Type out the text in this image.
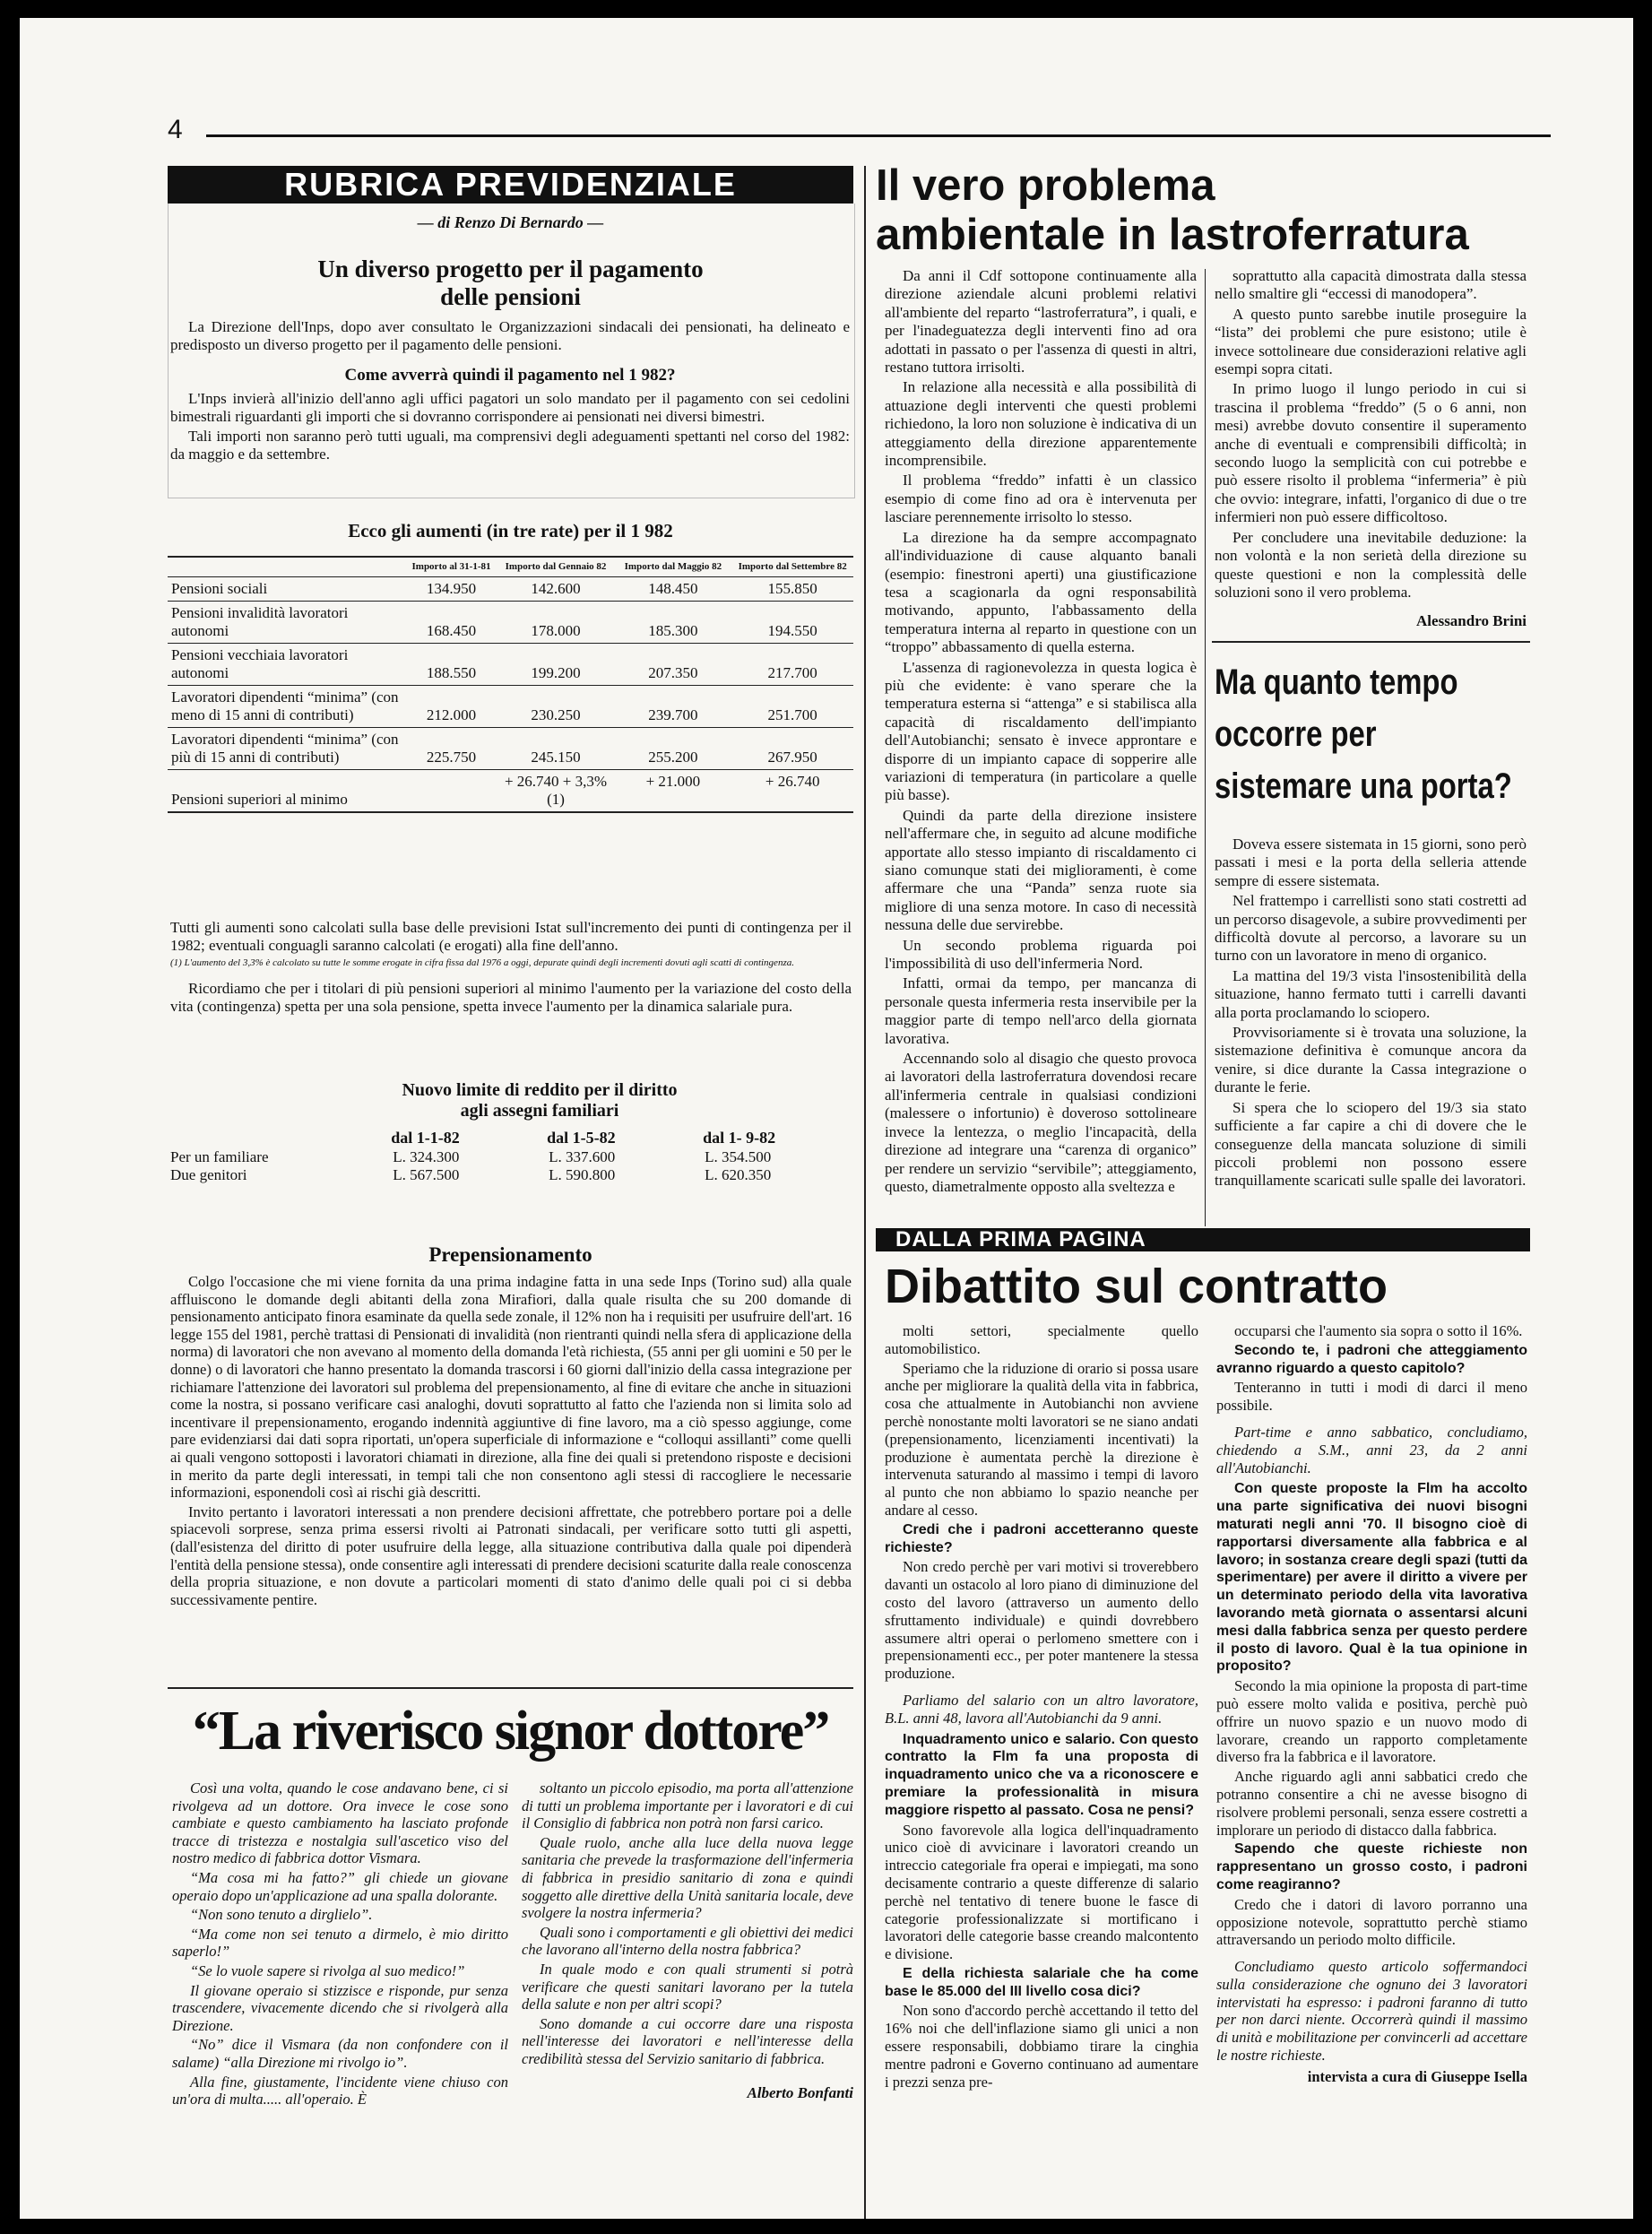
4
RUBRICA PREVIDENZIALE
— di Renzo Di Bernardo —
Un diverso progetto per il pagamento
delle pensioni

La Direzione dell'Inps, dopo aver consultato le Organizzazioni sindacali dei pensionati, ha delineato e predisposto un diverso progetto per il pagamento delle pensioni.

Come avverrà quindi il pagamento nel 1 982?

L'Inps invierà all'inizio dell'anno agli uffici pagatori un solo mandato per il pagamento con sei cedolini bimestrali riguardanti gli importi che si dovranno corrispondere ai pensionati nei diversi bimestri.

Tali importi non saranno però tutti uguali, ma comprensivi degli adeguamenti spettanti nel corso del 1982: da maggio e da settembre.

Ecco gli aumenti (in tre rate) per il 1 982
	Importo al 31-1-81	Importo dal Gennaio 82	Importo dal Maggio 82	Importo dal Settembre 82
Pensioni sociali	134.950	142.600	148.450	155.850
Pensioni invalidità lavoratori autonomi	168.450	178.000	185.300	194.550
Pensioni vecchiaia lavoratori autonomi	188.550	199.200	207.350	217.700
Lavoratori dipendenti “minima” (con meno di 15 anni di contributi)	212.000	230.250	239.700	251.700
Lavoratori dipendenti “minima” (con più di 15 anni di contributi)	225.750	245.150	255.200	267.950
Pensioni superiori al minimo		+ 26.740 + 3,3% (1)	+ 21.000	+ 26.740

Tutti gli aumenti sono calcolati sulla base delle previsioni Istat sull'incremento dei punti di contingenza per il 1982; eventuali conguagli saranno calcolati (e erogati) alla fine dell'anno.

(1) L'aumento del 3,3% è calcolato su tutte le somme erogate in cifra fissa dal 1976 a oggi, depurate quindi degli incrementi dovuti agli scatti di contingenza.

Ricordiamo che per i titolari di più pensioni superiori al minimo l'aumento per la variazione del costo della vita (contingenza) spetta per una sola pensione, spetta invece l'aumento per la dinamica salariale pura.

Nuovo limite di reddito per il diritto
agli assegni familiari
	dal 1-1-82	dal 1-5-82	dal 1- 9-82
Per un familiare	L. 324.300	L. 337.600	L. 354.500
Due genitori	L. 567.500	L. 590.800	L. 620.350
Prepensionamento

Colgo l'occasione che mi viene fornita da una prima indagine fatta in una sede Inps (Torino sud) alla quale affluiscono le domande degli abitanti della zona Mirafiori, dalla quale risulta che su 200 domande di pensionamento anticipato finora esaminate da quella sede zonale, il 12% non ha i requisiti per usufruire dell'art. 16 legge 155 del 1981, perchè trattasi di Pensionati di invalidità (non rientranti quindi nella sfera di applicazione della norma) di lavoratori che non avevano al momento della domanda l'età richiesta, (55 anni per gli uomini e 50 per le donne) o di lavoratori che hanno presentato la domanda trascorsi i 60 giorni dall'inizio della cassa integrazione per richiamare l'attenzione dei lavoratori sul problema del prepensionamento, al fine di evitare che anche in situazioni come la nostra, si possano verificare casi analoghi, dovuti soprattutto al fatto che l'azienda non si limita solo ad incentivare il prepensionamento, erogando indennità aggiuntive di fine lavoro, ma a ciò spesso aggiunge, come pare evidenziarsi dai dati sopra riportati, un'opera superficiale di informazione e “colloqui assillanti” come quelli ai quali vengono sottoposti i lavoratori chiamati in direzione, alla fine dei quali si pretendono risposte e decisioni in merito da parte degli interessati, in tempi tali che non consentono agli stessi di raccogliere le necessarie informazioni, esponendoli così ai rischi già descritti.

Invito pertanto i lavoratori interessati a non prendere decisioni affrettate, che potrebbero portare poi a delle spiacevoli sorprese, senza prima essersi rivolti ai Patronati sindacali, per verificare sotto tutti gli aspetti, (dall'esistenza del diritto di poter usufruire della legge, alla situazione contributiva dalla quale poi dipenderà l'entità della pensione stessa), onde consentire agli interessati di prendere decisioni scaturite dalla reale conoscenza della propria situazione, e non dovute a particolari momenti di stato d'animo delle quali poi ci si debba successivamente pentire.

“La riverisco signor dottore”

Così una volta, quando le cose andavano bene, ci si rivolgeva ad un dottore. Ora invece le cose sono cambiate e questo cambiamento ha lasciato profonde tracce di tristezza e nostalgia sull'ascetico viso del nostro medico di fabbrica dottor Vismara.

“Ma cosa mi ha fatto?” gli chiede un giovane operaio dopo un'applicazione ad una spalla dolorante.

“Non sono tenuto a dirglielo”.

“Ma come non sei tenuto a dirmelo, è mio diritto saperlo!”

“Se lo vuole sapere si rivolga al suo medico!”

Il giovane operaio si stizzisce e risponde, pur senza trascendere, vivacemente dicendo che si rivolgerà alla Direzione.

“No” dice il Vismara (da non confondere con il salame) “alla Direzione mi rivolgo io”.

Alla fine, giustamente, l'incidente viene chiuso con un'ora di multa..... all'operaio. È

soltanto un piccolo episodio, ma porta all'attenzione di tutti un problema importante per i lavoratori e di cui il Consiglio di fabbrica non potrà non farsi carico.

Quale ruolo, anche alla luce della nuova legge sanitaria che prevede la trasformazione dell'infermeria di fabbrica in presidio sanitario di zona e quindi soggetto alle direttive della Unità sanitaria locale, deve svolgere la nostra infermeria?

Quali sono i comportamenti e gli obiettivi dei medici che lavorano all'interno della nostra fabbrica?

In quale modo e con quali strumenti si potrà verificare che questi sanitari lavorano per la tutela della salute e non per altri scopi?

Sono domande a cui occorre dare una risposta nell'interesse dei lavoratori e nell'interesse della credibilità stessa del Servizio sanitario di fabbrica.

Alberto Bonfanti
Il vero problema
ambientale in lastroferratura

Da anni il Cdf sottopone continuamente alla direzione aziendale alcuni problemi relativi all'ambiente del reparto “lastroferratura”, i quali, e per l'inadeguatezza degli interventi fino ad ora adottati in passato o per l'assenza di questi in altri, restano tuttora irrisolti.

In relazione alla necessità e alla possibilità di attuazione degli interventi che questi problemi richiedono, la loro non soluzione è indicativa di un atteggiamento della direzione apparentemente incomprensibile.

Il problema “freddo” infatti è un classico esempio di come fino ad ora è intervenuta per lasciare perennemente irrisolto lo stesso.

La direzione ha da sempre accompagnato all'individuazione di cause alquanto banali (esempio: finestroni aperti) una giustificazione tesa a scagionarla da ogni responsabilità motivando, appunto, l'abbassamento della temperatura interna al reparto in questione con un “troppo” abbassamento di quella esterna.

L'assenza di ragionevolezza in questa logica è più che evidente: è vano sperare che la temperatura esterna si “attenga” e si stabilisca alla capacità di riscaldamento dell'impianto dell'Autobianchi; sensato è invece approntare e disporre di un impianto capace di sopperire alle variazioni di temperatura (in particolare a quelle più basse).

Quindi da parte della direzione insistere nell'affermare che, in seguito ad alcune modifiche apportate allo stesso impianto di riscaldamento ci siano comunque stati dei miglioramenti, è come affermare che una “Panda” senza ruote sia migliore di una senza motore. In caso di necessità nessuna delle due servirebbe.

Un secondo problema riguarda poi l'impossibilità di uso dell'infermeria Nord.

Infatti, ormai da tempo, per mancanza di personale questa infermeria resta inservibile per la maggior parte di tempo nell'arco della giornata lavorativa.

Accennando solo al disagio che questo provoca ai lavoratori della lastroferratura dovendosi recare all'infermeria centrale in qualsiasi condizioni (malessere o infortunio) è doveroso sottolineare invece la lentezza, o meglio l'incapacità, della direzione ad integrare una “carenza di organico” per rendere un servizio “servibile”; atteggiamento, questo, diametralmente opposto alla sveltezza e

soprattutto alla capacità dimostrata dalla stessa nello smaltire gli “eccessi di manodopera”.

A questo punto sarebbe inutile proseguire la “lista” dei problemi che pure esistono; utile è invece sottolineare due considerazioni relative agli esempi sopra citati.

In primo luogo il lungo periodo in cui si trascina il problema “freddo” (5 o 6 anni, non mesi) avrebbe dovuto consentire il superamento anche di eventuali e comprensibili difficoltà; in secondo luogo la semplicità con cui potrebbe e può essere risolto il problema “infermeria” è più che ovvio: integrare, infatti, l'organico di due o tre infermieri non può essere difficoltoso.

Per concludere una inevitabile deduzione: la non volontà e la non serietà della direzione su queste questioni e non la complessità delle soluzioni sono il vero problema.

Alessandro Brini
Ma quanto tempo
occorre per
sistemare una porta?

Doveva essere sistemata in 15 giorni, sono però passati i mesi e la porta della selleria attende sempre di essere sistemata.

Nel frattempo i carrellisti sono stati costretti ad un percorso disagevole, a subire provvedimenti per difficoltà dovute al percorso, a lavorare su un turno con un lavoratore in meno di organico.

La mattina del 19/3 vista l'insostenibilità della situazione, hanno fermato tutti i carrelli davanti alla porta proclamando lo sciopero.

Provvisoriamente si è trovata una soluzione, la sistemazione definitiva è comunque ancora da venire, si dice durante la Cassa integrazione o durante le ferie.

Si spera che lo sciopero del 19/3 sia stato sufficiente a far capire a chi di dovere che le conseguenze della mancata soluzione di simili piccoli problemi non possono essere tranquillamente scaricati sulle spalle dei lavoratori.

DALLA PRIMA PAGINA
Dibattito sul contratto

molti settori, specialmente quello automobilistico.

Speriamo che la riduzione di orario si possa usare anche per migliorare la qualità della vita in fabbrica, cosa che attualmente in Autobianchi non avviene perchè nonostante molti lavoratori se ne siano andati (prepensionamento, licenziamenti incentivati) la produzione è aumentata perchè la direzione è intervenuta saturando al massimo i tempi di lavoro al punto che non abbiamo lo spazio neanche per andare al cesso.

Credi che i padroni accetteranno queste richieste?

Non credo perchè per vari motivi si troverebbero davanti un ostacolo al loro piano di diminuzione del costo del lavoro (attraverso un aumento dello sfruttamento individuale) e quindi dovrebbero assumere altri operai o perlomeno smettere con i prepensionamenti ecc., per poter mantenere la stessa produzione.

Parliamo del salario con un altro lavoratore, B.L. anni 48, lavora all'Autobianchi da 9 anni.

Inquadramento unico e salario. Con questo contratto la Flm fa una proposta di inquadramento unico che va a riconoscere e premiare la professionalità in misura maggiore rispetto al passato. Cosa ne pensi?

Sono favorevole alla logica dell'inquadramento unico cioè di avvicinare i lavoratori creando un intreccio categoriale fra operai e impiegati, ma sono decisamente contrario a queste differenze di salario perchè nel tentativo di tenere buone le fasce di categorie professionalizzate si mortificano i lavoratori delle categorie basse creando malcontento e divisione.

E della richiesta salariale che ha come base le 85.000 del III livello cosa dici?

Non sono d'accordo perchè accettando il tetto del 16% noi che dell'inflazione siamo gli unici a non essere responsabili, dobbiamo tirare la cinghia mentre padroni e Governo continuano ad aumentare i prezzi senza pre-

occuparsi che l'aumento sia sopra o sotto il 16%.

Secondo te, i padroni che atteggiamento avranno riguardo a questo capitolo?

Tenteranno in tutti i modi di darci il meno possibile.

Part-time e anno sabbatico, concludiamo, chiedendo a S.M., anni 23, da 2 anni all'Autobianchi.

Con queste proposte la Flm ha accolto una parte significativa dei nuovi bisogni maturati negli anni '70. Il bisogno cioè di rapportarsi diversamente alla fabbrica e al lavoro; in sostanza creare degli spazi (tutti da sperimentare) per avere il diritto a vivere per un determinato periodo della vita lavorativa lavorando metà giornata o assentarsi alcuni mesi dalla fabbrica senza per questo perdere il posto di lavoro. Qual è la tua opinione in proposito?

Secondo la mia opinione la proposta di part-time può essere molto valida e positiva, perchè può offrire un nuovo spazio e un nuovo modo di lavorare, creando un rapporto completamente diverso fra la fabbrica e il lavoratore.

Anche riguardo agli anni sabbatici credo che potranno consentire a chi ne avesse bisogno di risolvere problemi personali, senza essere costretti a implorare un periodo di distacco dalla fabbrica.

Sapendo che queste richieste non rappresentano un grosso costo, i padroni come reagiranno?

Credo che i datori di lavoro porranno una opposizione notevole, soprattutto perchè stiamo attraversando un periodo molto difficile.

Concludiamo questo articolo soffermandoci sulla considerazione che ognuno dei 3 lavoratori intervistati ha espresso: i padroni faranno di tutto per non darci niente. Occorrerà quindi il massimo di unità e mobilitazione per convincerli ad accettare le nostre richieste.

intervista a cura di Giuseppe Isella
